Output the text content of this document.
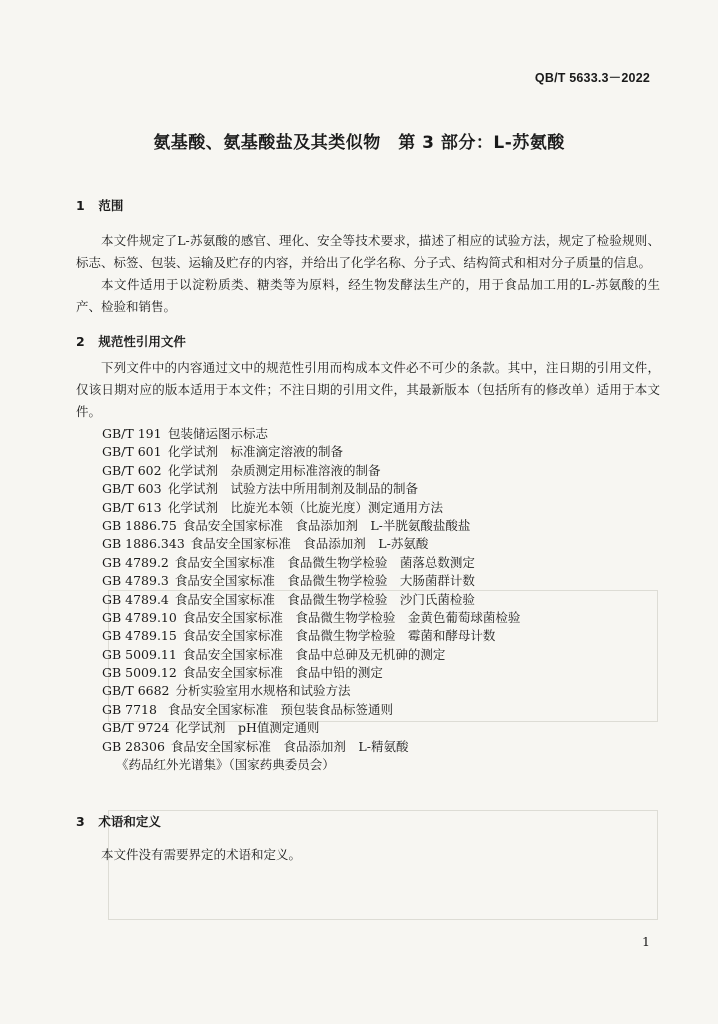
QB/T 5633.3－2022
氨基酸、氨基酸盐及其类似物　第 3 部分：L-苏氨酸
1 范围
本文件规定了L-苏氨酸的感官、理化、安全等技术要求，描述了相应的试验方法，规定了检验规则、标志、标签、包装、运输及贮存的内容，并给出了化学名称、分子式、结构简式和相对分子质量的信息。
本文件适用于以淀粉质类、糖类等为原料，经生物发酵法生产的，用于食品加工用的L-苏氨酸的生产、检验和销售。
2 规范性引用文件
下列文件中的内容通过文中的规范性引用而构成本文件必不可少的条款。其中，注日期的引用文件，仅该日期对应的版本适用于本文件；不注日期的引用文件，其最新版本（包括所有的修改单）适用于本文件。
GB/T 191 包装储运图示标志
GB/T 601 化学试剂　标准滴定溶液的制备
GB/T 602 化学试剂　杂质测定用标准溶液的制备
GB/T 603 化学试剂　试验方法中所用制剂及制品的制备
GB/T 613 化学试剂　比旋光本领（比旋光度）测定通用方法
GB 1886.75 食品安全国家标准　食品添加剂　L-半胱氨酸盐酸盐
GB 1886.343 食品安全国家标准　食品添加剂　L-苏氨酸
GB 4789.2 食品安全国家标准　食品微生物学检验　菌落总数测定
GB 4789.3 食品安全国家标准　食品微生物学检验　大肠菌群计数
GB 4789.4 食品安全国家标准　食品微生物学检验　沙门氏菌检验
GB 4789.10 食品安全国家标准　食品微生物学检验　金黄色葡萄球菌检验
GB 4789.15 食品安全国家标准　食品微生物学检验　霉菌和酵母计数
GB 5009.11 食品安全国家标准　食品中总砷及无机砷的测定
GB 5009.12 食品安全国家标准　食品中铅的测定
GB/T 6682 分析实验室用水规格和试验方法
GB 7718 食品安全国家标准　预包装食品标签通则
GB/T 9724 化学试剂　pH值测定通则
GB 28306 食品安全国家标准　食品添加剂　L-精氨酸
《药品红外光谱集》（国家药典委员会）
3 术语和定义
本文件没有需要界定的术语和定义。
1
